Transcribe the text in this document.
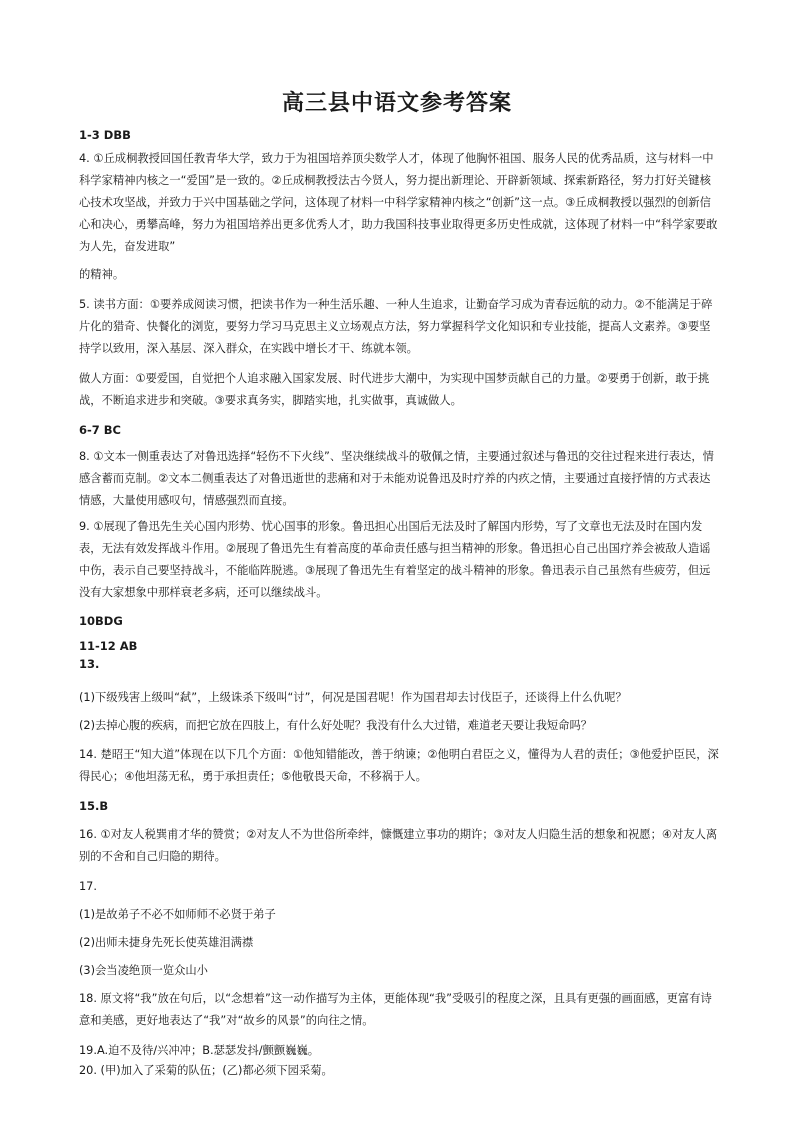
高三县中语文参考答案
1-3 DBB

4. ①丘成桐教授回国任教青华大学，致力于为祖国培养顶尖数学人才，体现了他胸怀祖国、服务人民的优秀品质，这与材料一中科学家精神内核之一“爱国”是一致的。②丘成桐教授法古今贤人，努力提出新理论、开辟新领域、探索新路径，努力打好关键核心技术攻坚战，并致力于兴中国基础之学问，这体现了材料一中科学家精神内核之“创新”这一点。③丘成桐教授以强烈的创新信心和决心，勇攀高峰，努力为祖国培养出更多优秀人才，助力我国科技事业取得更多历史性成就，这体现了材料一中“科学家要敢为人先，奋发进取”

的精神。
5. 读书方面：①要养成阅读习惯，把读书作为一种生活乐趣、一种人生追求，让勤奋学习成为青春远航的动力。②不能满足于碎片化的猎奇、快餐化的浏览，要努力学习马克思主义立场观点方法，努力掌握科学文化知识和专业技能，提高人文素养。③要坚持学以致用，深入基层、深入群众，在实践中增长才干、练就本领。
做人方面：①要爱国，自觉把个人追求融入国家发展、时代进步大潮中，为实现中国梦贡献自己的力量。②要勇于创新，敢于挑战，不断追求进步和突破。③要求真务实，脚踏实地，扎实做事，真诚做人。
6-7 BC
8. ①文本一侧重表达了对鲁迅选择“轻伤不下火线”、坚决继续战斗的敬佩之情，主要通过叙述与鲁迅的交往过程来进行表达，情感含蓄而克制。②文本二侧重表达了对鲁迅逝世的悲痛和对于未能劝说鲁迅及时疗养的内疚之情，主要通过直接抒情的方式表达情感，大量使用感叹句，情感强烈而直接。
9. ①展现了鲁迅先生关心国内形势、忧心国事的形象。鲁迅担心出国后无法及时了解国内形势，写了文章也无法及时在国内发表，无法有效发挥战斗作用。②展现了鲁迅先生有着高度的革命责任感与担当精神的形象。鲁迅担心自己出国疗养会被敌人造谣中伤，表示自己要坚持战斗，不能临阵脱逃。③展现了鲁迅先生有着坚定的战斗精神的形象。鲁迅表示自己虽然有些疲劳，但远没有大家想象中那样衰老多病，还可以继续战斗。
10BDG
11-12 AB
13.
(1)下级残害上级叫“弑”，上级诛杀下级叫“讨”，何况是国君呢！作为国君却去讨伐臣子，还谈得上什么仇呢？
(2)去掉心腹的疾病，而把它放在四肢上，有什么好处呢？我没有什么大过错，难道老天要让我短命吗？
14. 楚昭王“知大道”体现在以下几个方面：①他知错能改，善于纳谏；②他明白君臣之义，懂得为人君的责任；③他爱护臣民，深得民心；④他坦荡无私，勇于承担责任；⑤他敬畏天命，不移祸于人。
15.B
16. ①对友人税巽甫才华的赞赏；②对友人不为世俗所牵绊，慷慨建立事功的期许；③对友人归隐生活的想象和祝愿；④对友人离别的不舍和自己归隐的期待。
17.
(1)是故弟子不必不如师师不必贤于弟子
(2)出师未捷身先死长使英雄泪满襟
(3)会当凌绝顶一览众山小
18. 原文将“我”放在句后，以“念想着”这一动作描写为主体，更能体现“我”受吸引的程度之深，且具有更强的画面感，更富有诗意和美感，更好地表达了“我”对“故乡的风景”的向往之情。
19.A.迫不及待/兴冲冲；B.瑟瑟发抖/颤颤巍巍。
20. (甲)加入了采菊的队伍；(乙)都必须下园采菊。
